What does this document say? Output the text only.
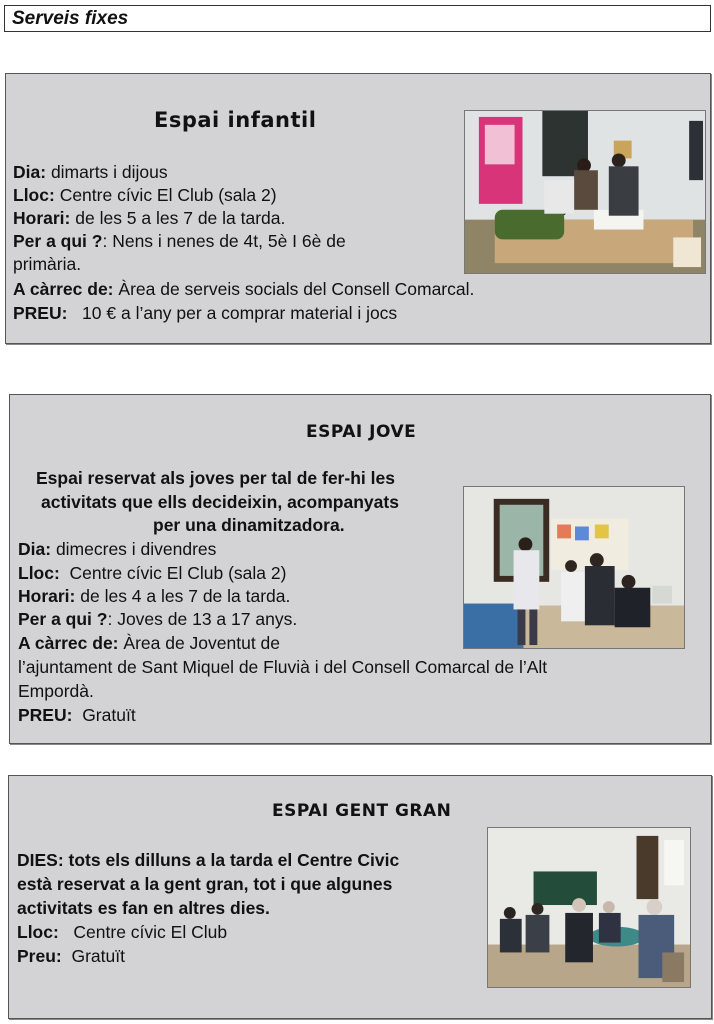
Serveis fixes
Espai infantil
Dia: dimarts i dijous
Lloc: Centre cívic El Club (sala 2)
Horari: de les 5 a les 7 de la tarda.
Per a qui ?: Nens i nenes de 4t, 5è I 6è de
primària.
A càrrec de: Àrea de serveis socials del Consell Comarcal.
PREU: 10 € a l’any per a comprar material i jocs
ESPAI JOVE
Espai reservat als joves per tal de fer-hi les
activitats que ells decideixin, acompanyats
per una dinamitzadora.
Dia: dimecres i divendres
Lloc: Centre cívic El Club (sala 2)
Horari: de les 4 a les 7 de la tarda.
Per a qui ?: Joves de 13 a 17 anys.
A càrrec de: Àrea de Joventut de
l’ajuntament de Sant Miquel de Fluvià i del Consell Comarcal de l’Alt
Empordà.
PREU: Gratuït
ESPAI GENT GRAN
DIES: tots els dilluns a la tarda el Centre Civic
està reservat a la gent gran, tot i que algunes
activitats es fan en altres dies.
Lloc: Centre cívic El Club
Preu: Gratuït
